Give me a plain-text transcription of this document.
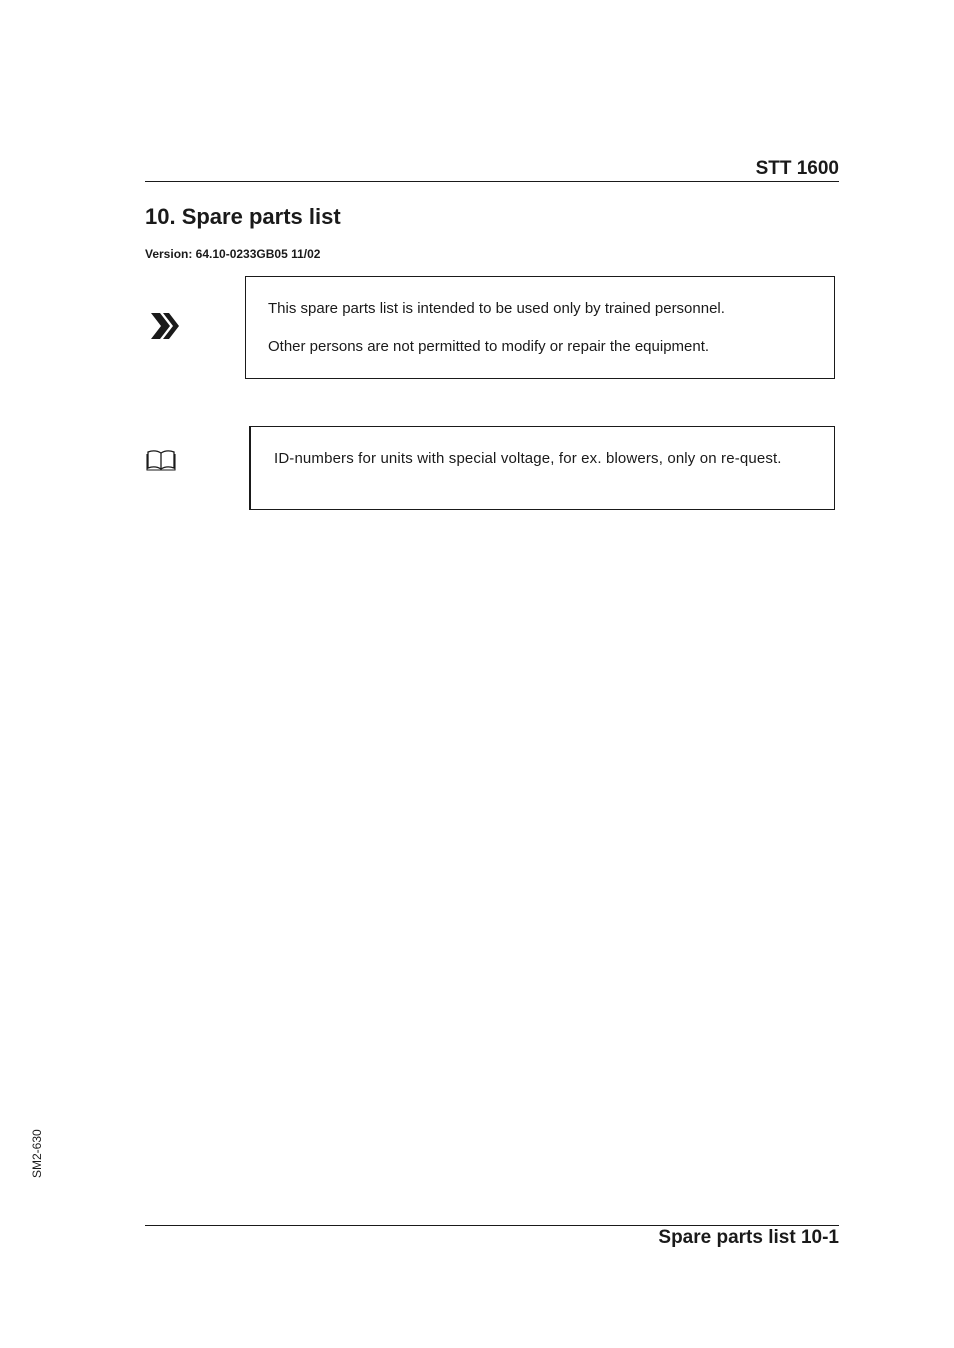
STT 1600
10. Spare parts list
Version: 64.10-0233GB05 11/02

This spare parts list is intended to be used only by trained personnel.

Other persons are not permitted to modify or repair the equipment.

ID-numbers for units with special voltage, for ex. blowers, only on re-quest.

SM2-630
Spare parts list 10-1
